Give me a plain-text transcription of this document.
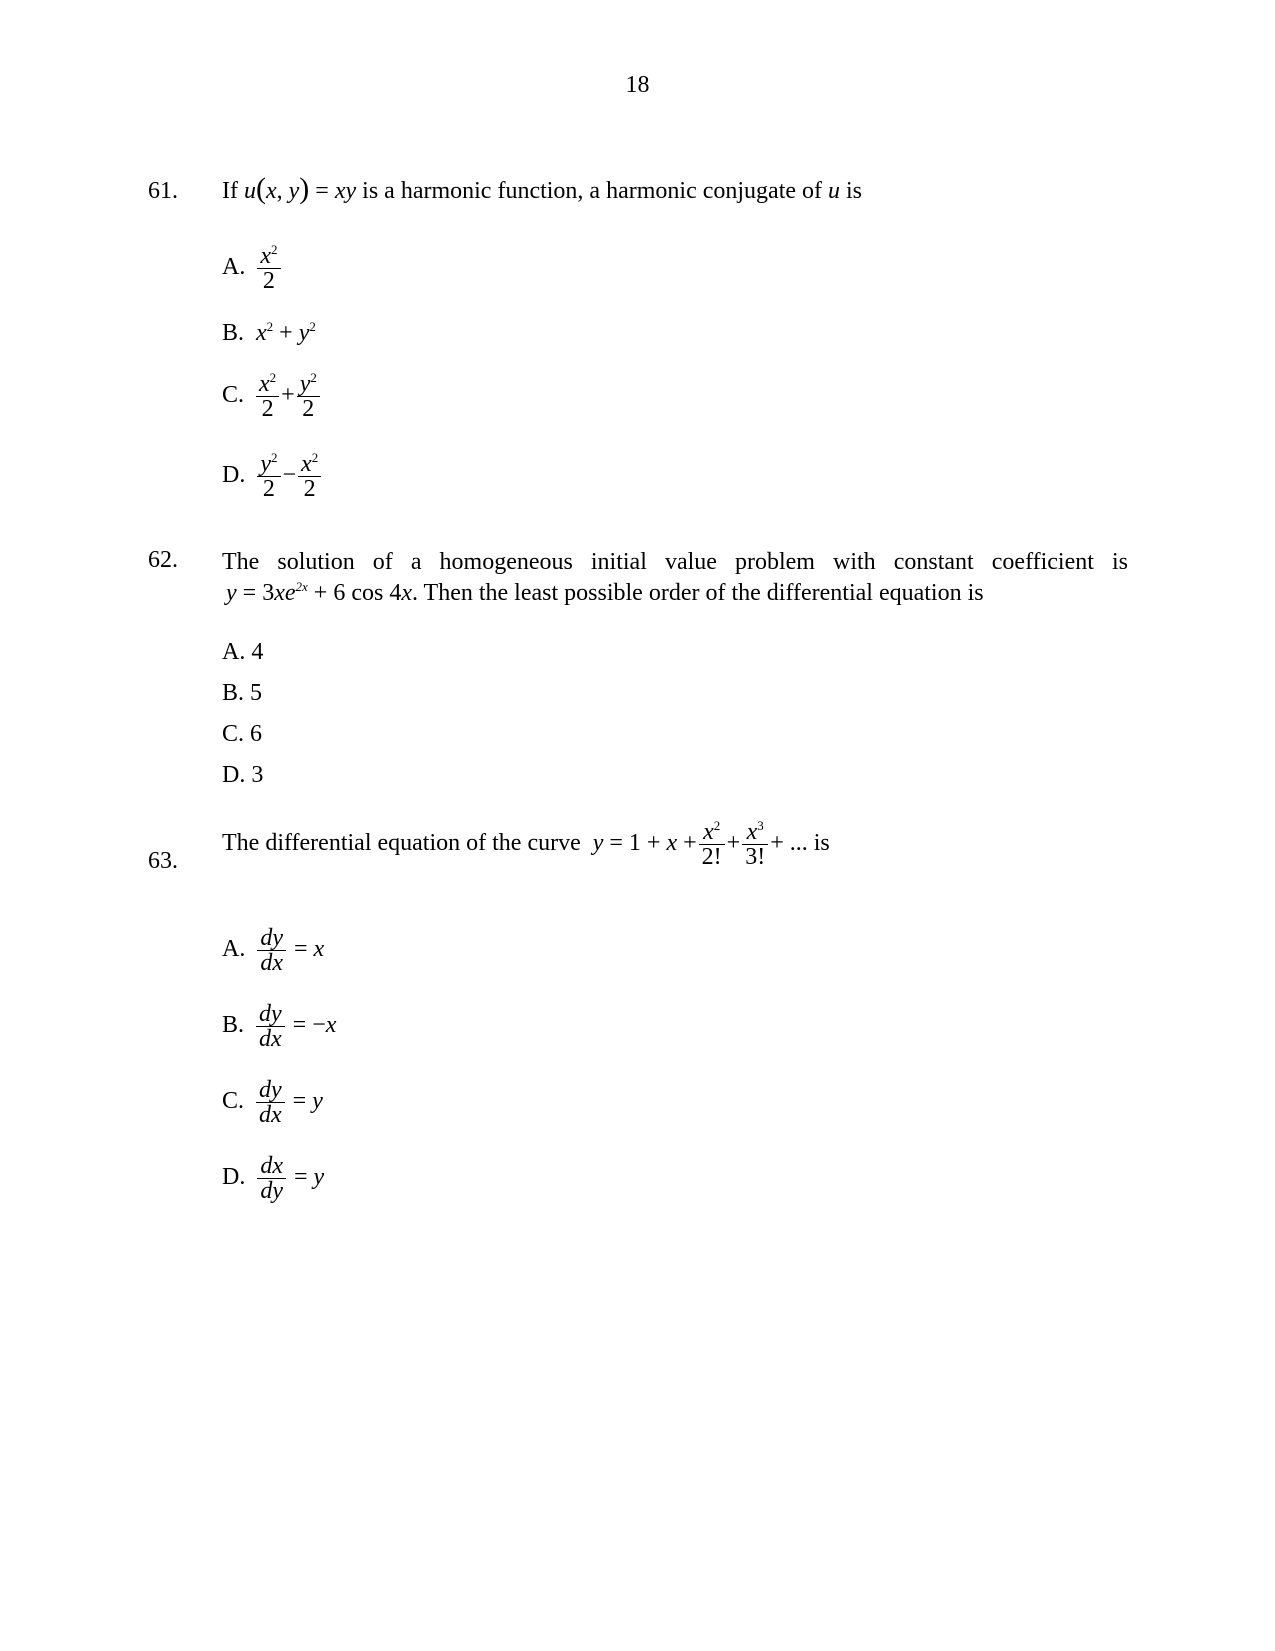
18
61. If u(x, y) = xy is a harmonic function, a harmonic conjugate of u is
A. $\frac{x^2}{2}$
B. $x^2 + y^2$
C. $\frac{x^2}{2} + \frac{y^2}{2}$
D. $\frac{y^2}{2} - \frac{x^2}{2}$
62. The solution of a homogeneous initial value problem with constant coefficient is
$y = 3xe^{2x} + 6$ cos 4x. Then the least possible order of the differential equation is
A. 4
B. 5
C. 6
D. 3
63.
The differential equation of the curve $y = 1 + x + \frac{x^2}{2!} + \frac{x^3}{3!}$ + ... is
A. $\frac{dy}{dx} = x$
B. $\frac{dy}{dx} = -x$
C. $\frac{dy}{dx} = y$
D. $\frac{dx}{dy} = y$
